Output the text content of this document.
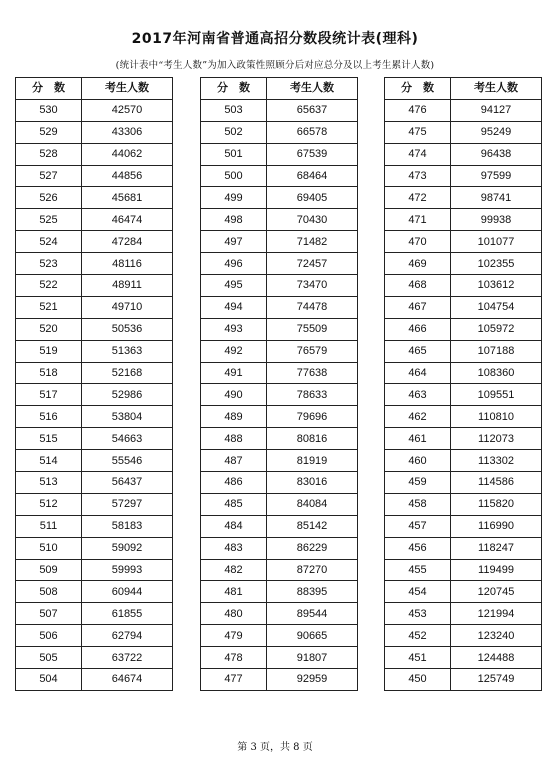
2017年河南省普通高招分数段统计表(理科)
(统计表中“考生人数”为加入政策性照顾分后对应总分及以上考生累计人数)
分　数	考生人数
530	42570
529	43306
528	44062
527	44856
526	45681
525	46474
524	47284
523	48116
522	48911
521	49710
520	50536
519	51363
518	52168
517	52986
516	53804
515	54663
514	55546
513	56437
512	57297
511	58183
510	59092
509	59993
508	60944
507	61855
506	62794
505	63722
504	64674
分　数	考生人数
503	65637
502	66578
501	67539
500	68464
499	69405
498	70430
497	71482
496	72457
495	73470
494	74478
493	75509
492	76579
491	77638
490	78633
489	79696
488	80816
487	81919
486	83016
485	84084
484	85142
483	86229
482	87270
481	88395
480	89544
479	90665
478	91807
477	92959
分　数	考生人数
476	94127
475	95249
474	96438
473	97599
472	98741
471	99938
470	101077
469	102355
468	103612
467	104754
466	105972
465	107188
464	108360
463	109551
462	110810
461	112073
460	113302
459	114586
458	115820
457	116990
456	118247
455	119499
454	120745
453	121994
452	123240
451	124488
450	125749
第 3 页，共 8 页
